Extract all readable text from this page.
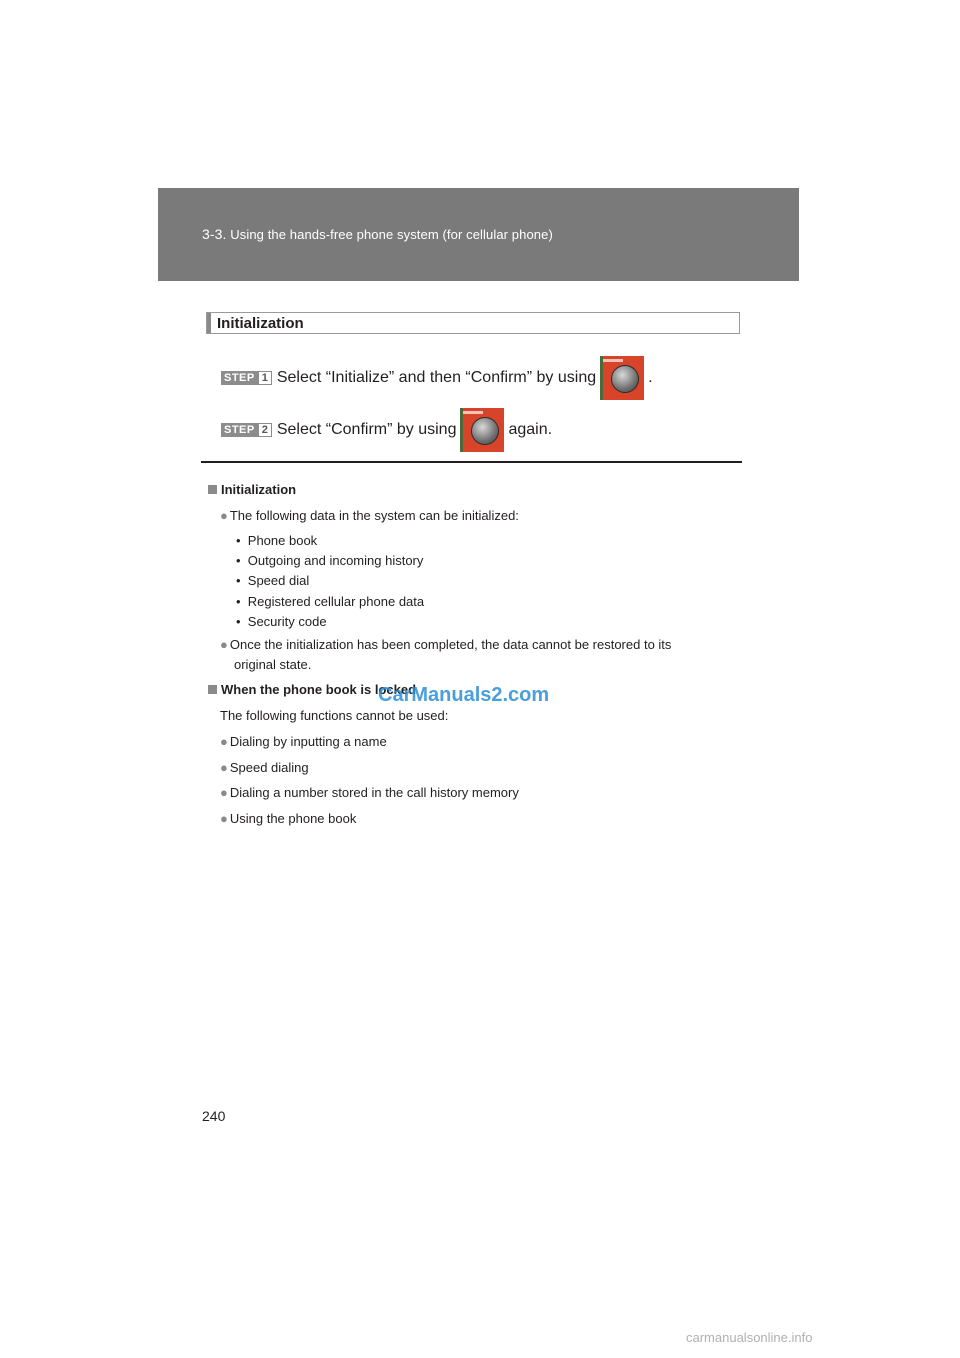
3-3. Using the hands-free phone system (for cellular phone)
Initialization
STEP 1 Select “Initialize” and then “Confirm” by using	.
STEP 2 Select “Confirm” by using	again.
Initialization
● The following data in the system can be initialized:
•  Phone book
•  Outgoing and incoming history
•  Speed dial
•  Registered cellular phone data
•  Security code
● Once the initialization has been completed, the data cannot be restored to its
original state.
When the phone book is locked
The following functions cannot be used:
● Dialing by inputting a name
● Speed dialing
● Dialing a number stored in the call history memory
● Using the phone book
CarManuals2.com
240
carmanualsonline.info
